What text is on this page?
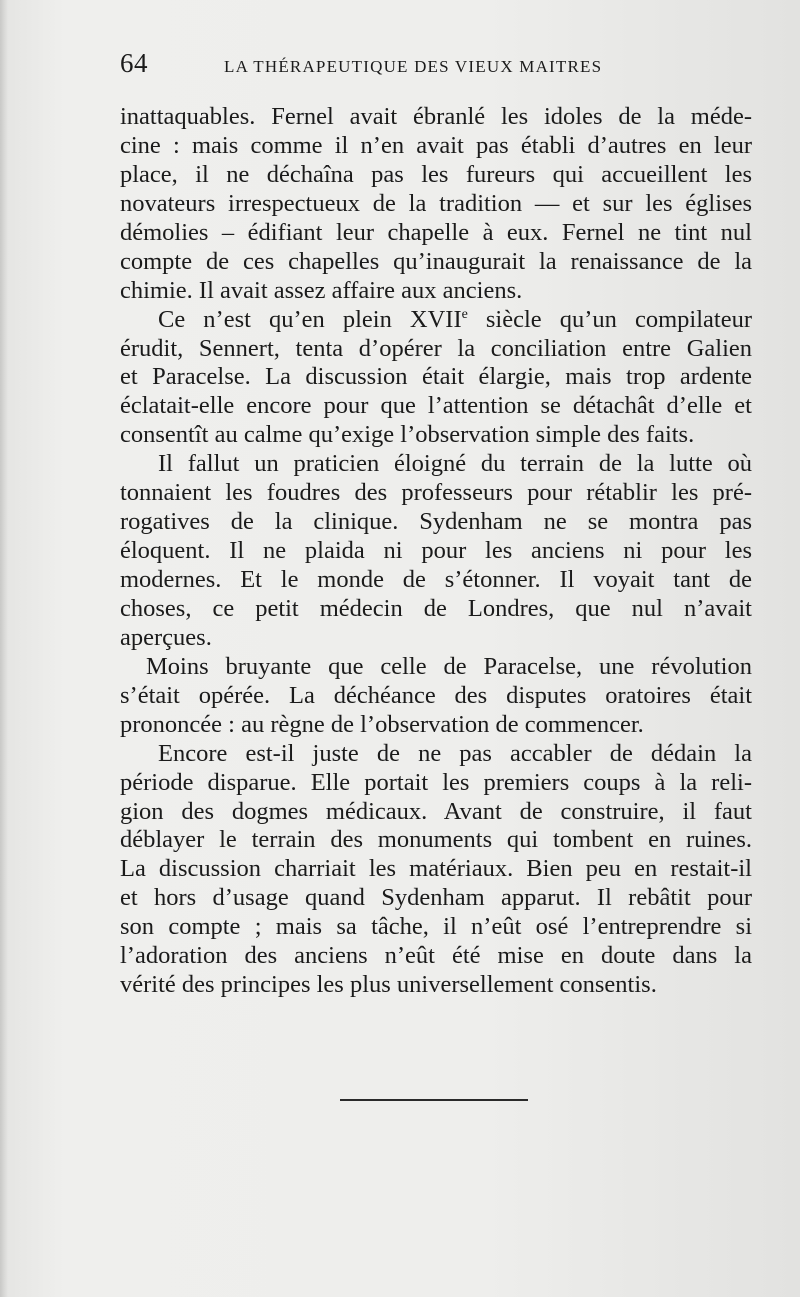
64	LA THÉRAPEUTIQUE DES VIEUX MAITRES
inattaquables. Fernel avait ébranlé les idoles de la méde-
cine : mais comme il n’en avait pas établi d’autres en leur
place, il ne déchaîna pas les fureurs qui accueillent les
novateurs irrespectueux de la tradition — et sur les églises
démolies – édifiant leur chapelle à eux. Fernel ne tint nul
compte de ces chapelles qu’inaugurait la renaissance de la
chimie. Il avait assez affaire aux anciens.
Ce n’est qu’en plein XVIIe siècle qu’un compilateur
érudit, Sennert, tenta d’opérer la conciliation entre Galien
et Paracelse. La discussion était élargie, mais trop ardente
éclatait-elle encore pour que l’attention se détachât d’elle et
consentît au calme qu’exige l’observation simple des faits.
Il fallut un praticien éloigné du terrain de la lutte où
tonnaient les foudres des professeurs pour rétablir les pré-
rogatives de la clinique. Sydenham ne se montra pas
éloquent. Il ne plaida ni pour les anciens ni pour les
modernes. Et le monde de s’étonner. Il voyait tant de
choses, ce petit médecin de Londres, que nul n’avait
aperçues.
Moins bruyante que celle de Paracelse, une révolution
s’était opérée. La déchéance des disputes oratoires était
prononcée : au règne de l’observation de commencer.
Encore est-il juste de ne pas accabler de dédain la
période disparue. Elle portait les premiers coups à la reli-
gion des dogmes médicaux. Avant de construire, il faut
déblayer le terrain des monuments qui tombent en ruines.
La discussion charriait les matériaux. Bien peu en restait-il
et hors d’usage quand Sydenham apparut. Il rebâtit pour
son compte ; mais sa tâche, il n’eût osé l’entreprendre si
l’adoration des anciens n’eût été mise en doute dans la
vérité des principes les plus universellement consentis.
